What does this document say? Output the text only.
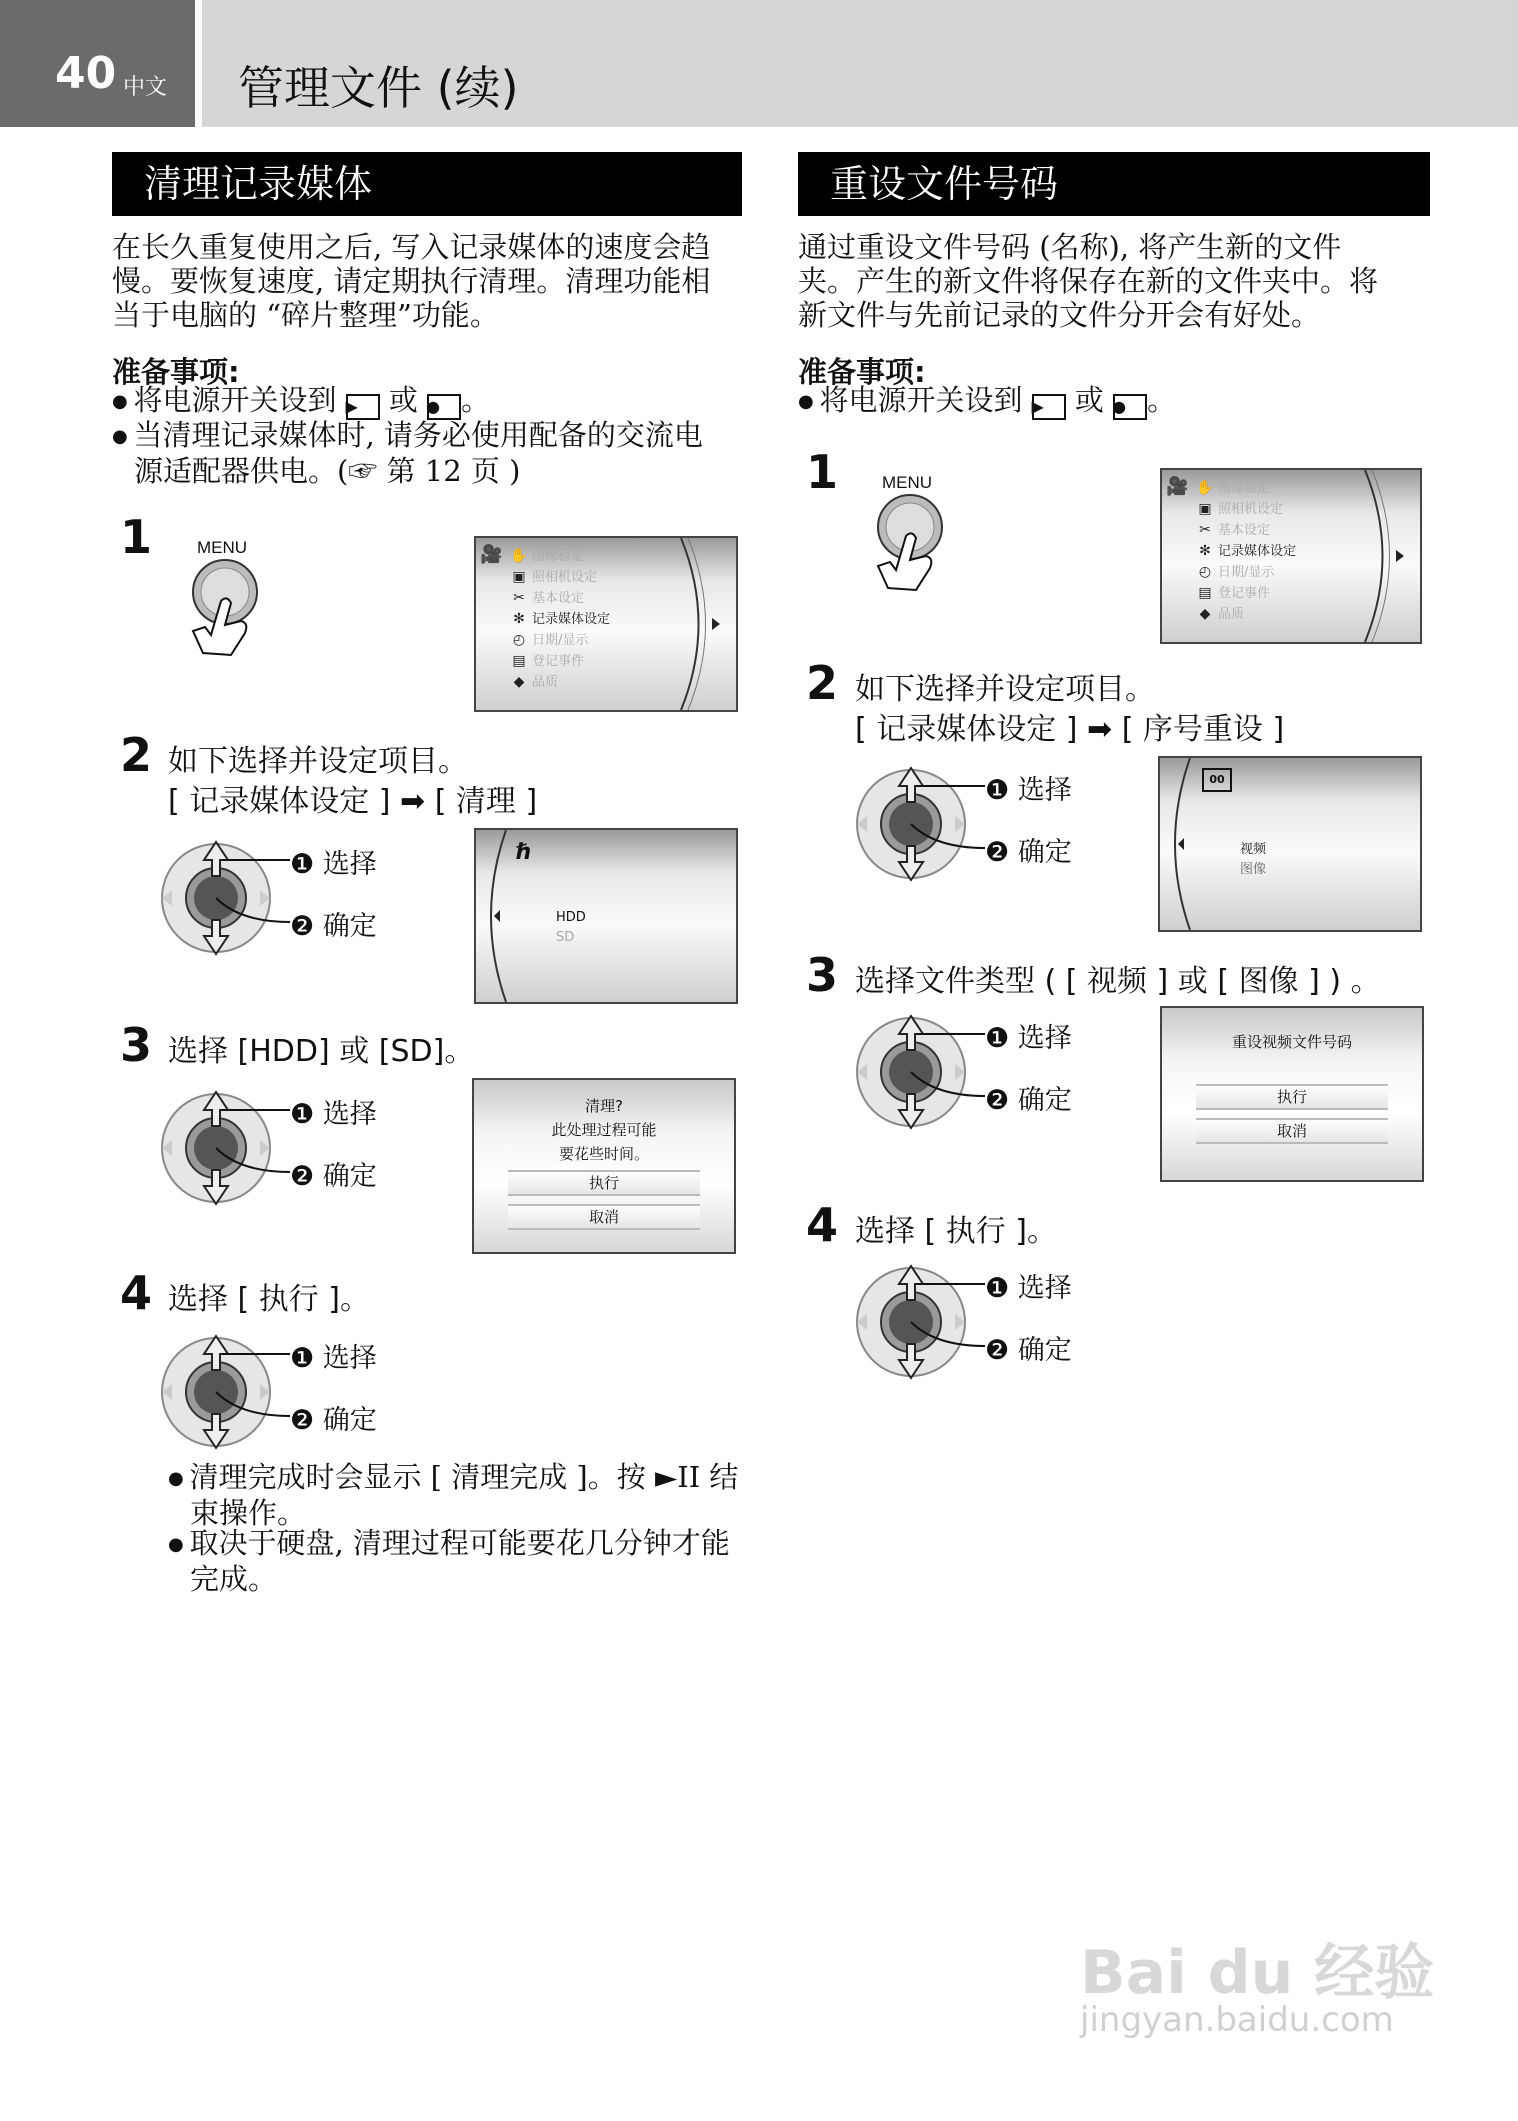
40 中文 管理文件 (续)
清理记录媒体
在长久重复使用之后, 写入记录媒体的速度会趋
慢。要恢复速度, 请定期执行清理。清理功能相
当于电脑的 “碎片整理”功能。
准备事项:
● 将电源开关设到 ▶ 或 ● 。
● 当清理记录媒体时, 请务必使用配备的交流电
源适配器供电。(☞ 第 12 页 )
1	MENU	🎥 ✋ 图像稳定
▣ 照相机设定
✂ 基本设定
✻ 记录媒体设定
◴ 日期/显示
▤ 登记事件
◆ 品质
2 如下选择并设定项目。
[ 记录媒体设定 ] ➡ [ 清理 ]
❶ 选择
❷ 确定
ℏ
HDD
SD
3 选择 [HDD] 或 [SD]。
❶ 选择
❷ 确定
清理?
此处理过程可能
要花些时间。
执行
取消
4 选择 [ 执行 ]。
❶ 选择
❷ 确定
● 清理完成时会显示 [ 清理完成 ]。按 ►II 结
束操作。
● 取决于硬盘, 清理过程可能要花几分钟才能
完成。
重设文件号码
通过重设文件号码 (名称), 将产生新的文件
夹。产生的新文件将保存在新的文件夹中。将
新文件与先前记录的文件分开会有好处。
准备事项:
● 将电源开关设到 ▶ 或 ● 。
1	MENU	🎥 ✋ 图像稳定
▣ 照相机设定
✂ 基本设定
✻ 记录媒体设定
◴ 日期/显示
▤ 登记事件
◆ 品质
2 如下选择并设定项目。
[ 记录媒体设定 ] ➡ [ 序号重设 ]
❶ 选择
❷ 确定
00
视频
图像
3 选择文件类型 ( [ 视频 ] 或 [ 图像 ] ) 。
❶ 选择
❷ 确定
重设视频文件号码
执行
取消
4 选择 [ 执行 ]。
❶ 选择
❷ 确定
Bai du 经验
jingyan.baidu.com
